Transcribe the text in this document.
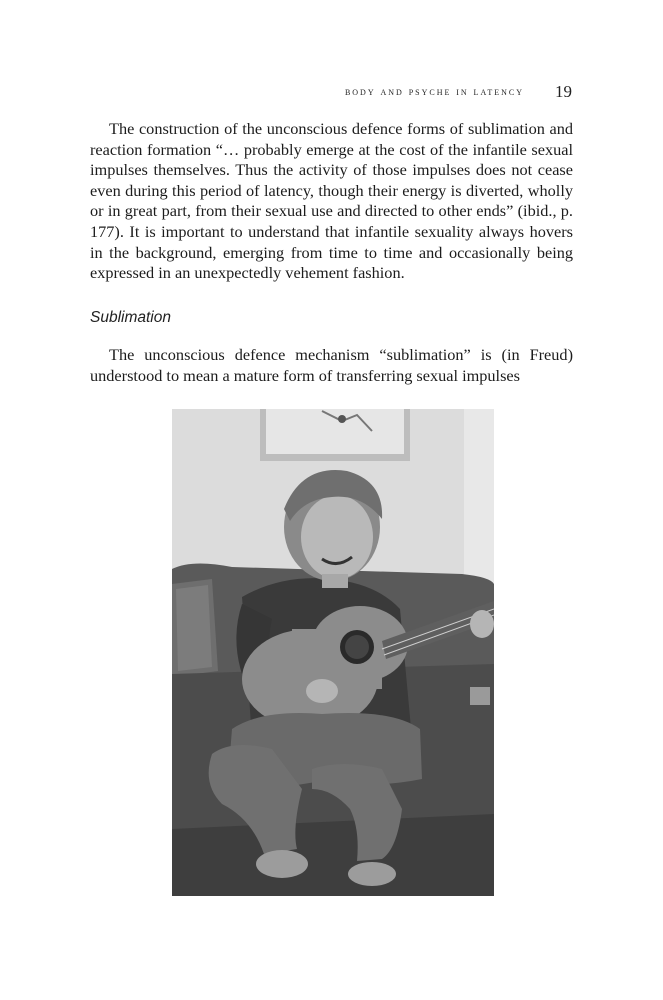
body and psyche in latency 19

The construction of the unconscious defence forms of sublimation and reaction formation “… probably emerge at the cost of the infantile sexual impulses themselves. Thus the activity of those impulses does not cease even during this period of latency, though their energy is diverted, wholly or in great part, from their sexual use and directed to other ends” (ibid., p. 177). It is important to understand that infantile sexuality always hovers in the background, emerging from time to time and occasionally being expressed in an unexpectedly vehement fashion.

Sublimation

The unconscious defence mechanism “sublimation” is (in Freud) understood to mean a mature form of transferring sexual impulses
